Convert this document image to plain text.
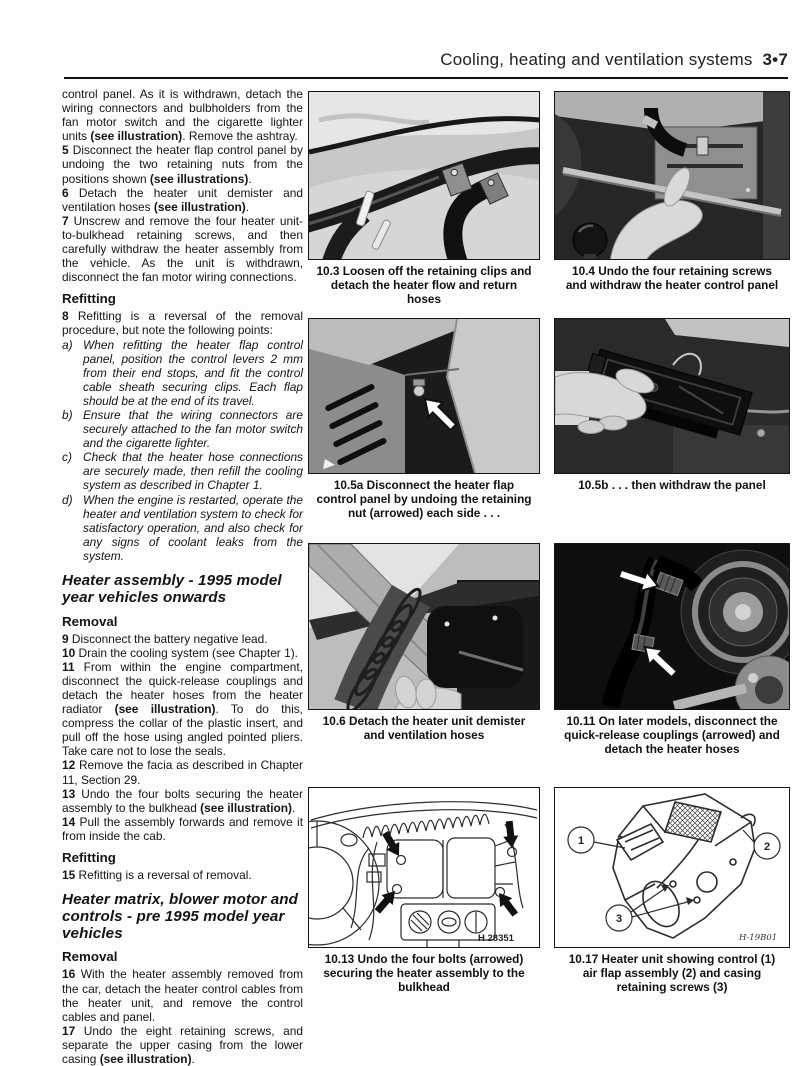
Cooling, heating and ventilation systems 3•7

control panel. As it is withdrawn, detach the wiring connectors and bulbholders from the fan motor switch and the cigarette lighter units (see illustration). Remove the ashtray.

5 Disconnect the heater flap control panel by undoing the two retaining nuts from the positions shown (see illustrations).

6 Detach the heater unit demister and ventilation hoses (see illustration).

7 Unscrew and remove the four heater unit-to-bulkhead retaining screws, and then carefully withdraw the heater assembly from the vehicle. As the unit is withdrawn, disconnect the fan motor wiring connections.

Refitting

8 Refitting is a reversal of the removal procedure, but note the following points:

a) When refitting the heater flap control panel, position the control levers 2 mm from their end stops, and fit the control cable sheath securing clips. Each flap should be at the end of its travel.
b) Ensure that the wiring connectors are securely attached to the fan motor switch and the cigarette lighter.
c) Check that the heater hose connections are securely made, then refill the cooling system as described in Chapter 1.
d) When the engine is restarted, operate the heater and ventilation system to check for satisfactory operation, and also check for any signs of coolant leaks from the system.
Heater assembly - 1995 model year vehicles onwards
Removal

9 Disconnect the battery negative lead.

10 Drain the cooling system (see Chapter 1).

11 From within the engine compartment, disconnect the quick-release couplings and detach the heater hoses from the heater radiator (see illustration). To do this, compress the collar of the plastic insert, and pull off the hose using angled pointed pliers. Take care not to lose the seals.

12 Remove the facia as described in Chapter 11, Section 29.

13 Undo the four bolts securing the heater assembly to the bulkhead (see illustration).

14 Pull the assembly forwards and remove it from inside the cab.

Refitting

15 Refitting is a reversal of removal.

Heater matrix, blower motor and controls - pre 1995 model year vehicles
Removal

16 With the heater assembly removed from the car, detach the heater control cables from the heater unit, and remove the control cables and panel.

17 Undo the eight retaining screws, and separate the upper casing from the lower casing (see illustration).

10.3 Loosen off the retaining clips and detach the heater flow and return hoses
10.4 Undo the four retaining screws and withdraw the heater control panel
10.5a Disconnect the heater flap control panel by undoing the retaining nut (arrowed) each side . . .
10.5b . . . then withdraw the panel
10.6 Detach the heater unit demister and ventilation hoses
10.11 On later models, disconnect the quick-release couplings (arrowed) and detach the heater hoses
H 28351
10.13 Undo the four bolts (arrowed) securing the heater assembly to the bulkhead
1	2
3
H-19B01
10.17 Heater unit showing control (1) air flap assembly (2) and casing retaining screws (3)
